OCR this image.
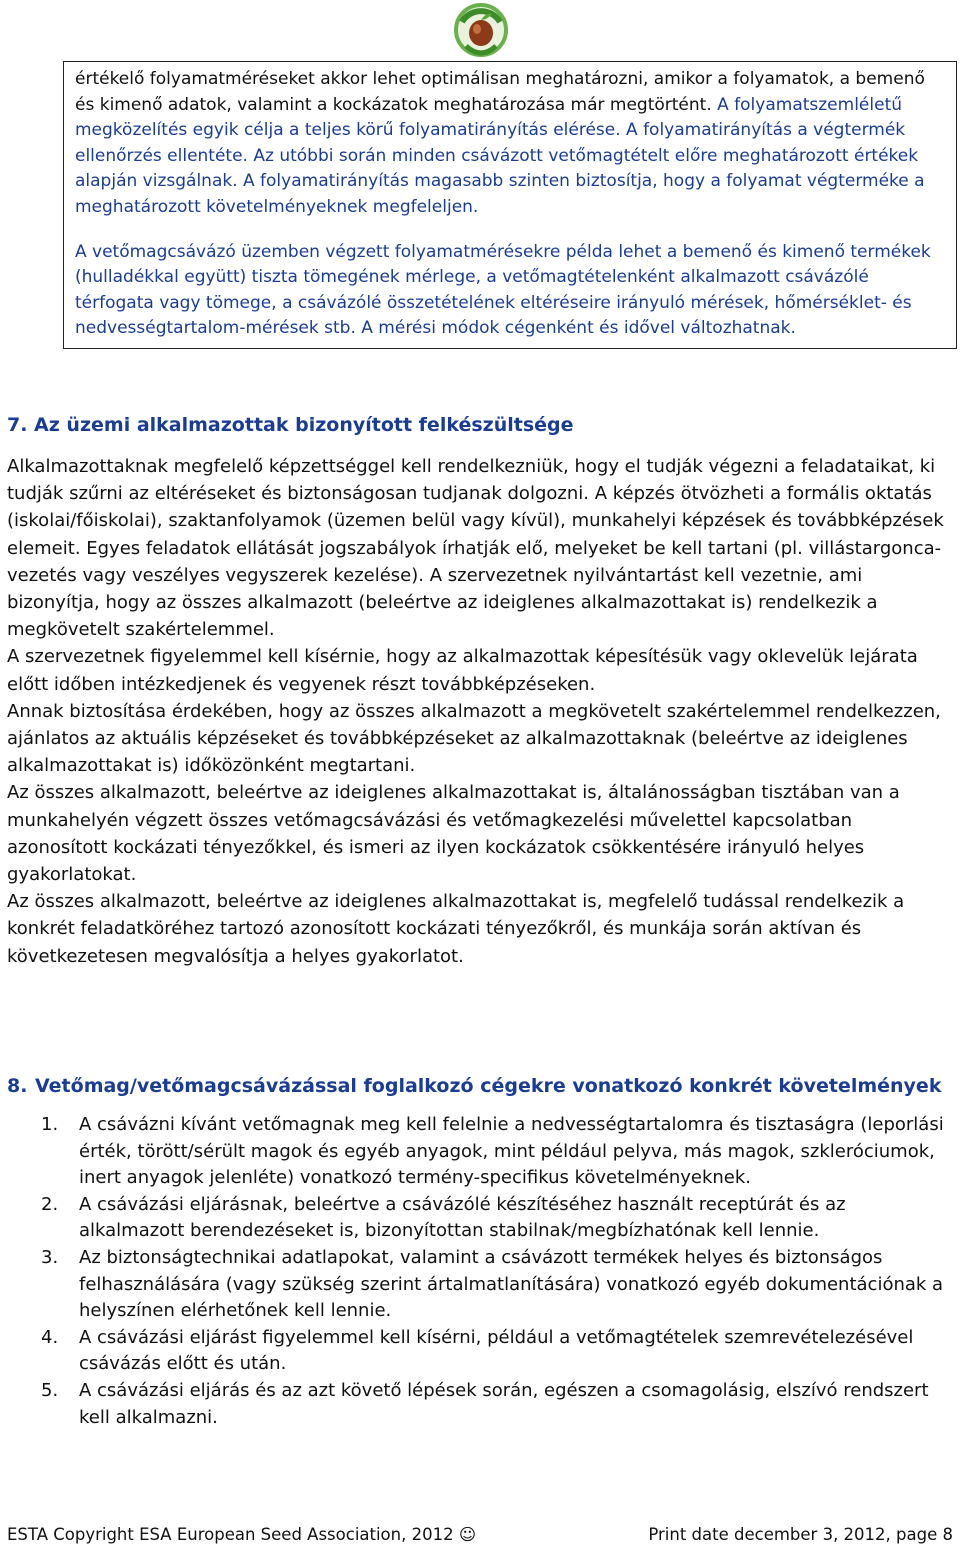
értékelő folyamatméréseket akkor lehet optimálisan meghatározni, amikor a folyamatok, a bemenő és kimenő adatok, valamint a kockázatok meghatározása már megtörtént. A folyamatszemléletű megközelítés egyik célja a teljes körű folyamatirányítás elérése. A folyamatirányítás a végtermék ellenőrzés ellentéte. Az utóbbi során minden csávázott vetőmagtételt előre meghatározott értékek alapján vizsgálnak. A folyamatirányítás magasabb szinten biztosítja, hogy a folyamat végterméke a meghatározott követelményeknek megfeleljen.

A vetőmagcsávázó üzemben végzett folyamatmérésekre példa lehet a bemenő és kimenő termékek (hulladékkal együtt) tiszta tömegének mérlege, a vetőmagtételenként alkalmazott csávázólé térfogata vagy tömege, a csávázólé összetételének eltéréseire irányuló mérések, hőmérséklet- és nedvességtartalom-mérések stb. A mérési módok cégenként és idővel változhatnak.

7. Az üzemi alkalmazottak bizonyított felkészültsége

Alkalmazottaknak megfelelő képzettséggel kell rendelkezniük, hogy el tudják végezni a feladataikat, ki tudják szűrni az eltéréseket és biztonságosan tudjanak dolgozni. A képzés ötvözheti a formális oktatás (iskolai/főiskolai), szaktanfolyamok (üzemen belül vagy kívül), munkahelyi képzések és továbbképzések elemeit. Egyes feladatok ellátását jogszabályok írhatják elő, melyeket be kell tartani (pl. villástargonca-vezetés vagy veszélyes vegyszerek kezelése). A szervezetnek nyilvántartást kell vezetnie, ami bizonyítja, hogy az összes alkalmazott (beleértve az ideiglenes alkalmazottakat is) rendelkezik a megkövetelt szakértelemmel.

A szervezetnek figyelemmel kell kísérnie, hogy az alkalmazottak képesítésük vagy oklevelük lejárata előtt időben intézkedjenek és vegyenek részt továbbképzéseken.

Annak biztosítása érdekében, hogy az összes alkalmazott a megkövetelt szakértelemmel rendelkezzen, ajánlatos az aktuális képzéseket és továbbképzéseket az alkalmazottaknak (beleértve az ideiglenes alkalmazottakat is) időközönként megtartani.

Az összes alkalmazott, beleértve az ideiglenes alkalmazottakat is, általánosságban tisztában van a munkahelyén végzett összes vetőmagcsávázási és vetőmagkezelési művelettel kapcsolatban azonosított kockázati tényezőkkel, és ismeri az ilyen kockázatok csökkentésére irányuló helyes gyakorlatokat.

Az összes alkalmazott, beleértve az ideiglenes alkalmazottakat is, megfelelő tudással rendelkezik a konkrét feladatköréhez tartozó azonosított kockázati tényezőkről, és munkája során aktívan és következetesen megvalósítja a helyes gyakorlatot.

8. Vetőmag/vetőmagcsávázással foglalkozó cégekre vonatkozó konkrét követelmények
1.	A csávázni kívánt vetőmagnak meg kell felelnie a nedvességtartalomra és tisztaságra (leporlási érték, törött/sérült magok és egyéb anyagok, mint például pelyva, más magok, szkleróciumok, inert anyagok jelenléte) vonatkozó termény-specifikus követelményeknek.
2.	A csávázási eljárásnak, beleértve a csávázólé készítéséhez használt receptúrát és az alkalmazott berendezéseket is, bizonyítottan stabilnak/megbízhatónak kell lennie.
3.	Az biztonságtechnikai adatlapokat, valamint a csávázott termékek helyes és biztonságos felhasználására (vagy szükség szerint ártalmatlanítására) vonatkozó egyéb dokumentációnak a helyszínen elérhetőnek kell lennie.
4.	A csávázási eljárást figyelemmel kell kísérni, például a vetőmagtételek szemrevételezésével csávázás előtt és után.
5.	A csávázási eljárás és az azt követő lépések során, egészen a csomagolásig, elszívó rendszert kell alkalmazni.
ESTA Copyright ESA European Seed Association, 2012 ☺	Print date december 3, 2012, page 8
